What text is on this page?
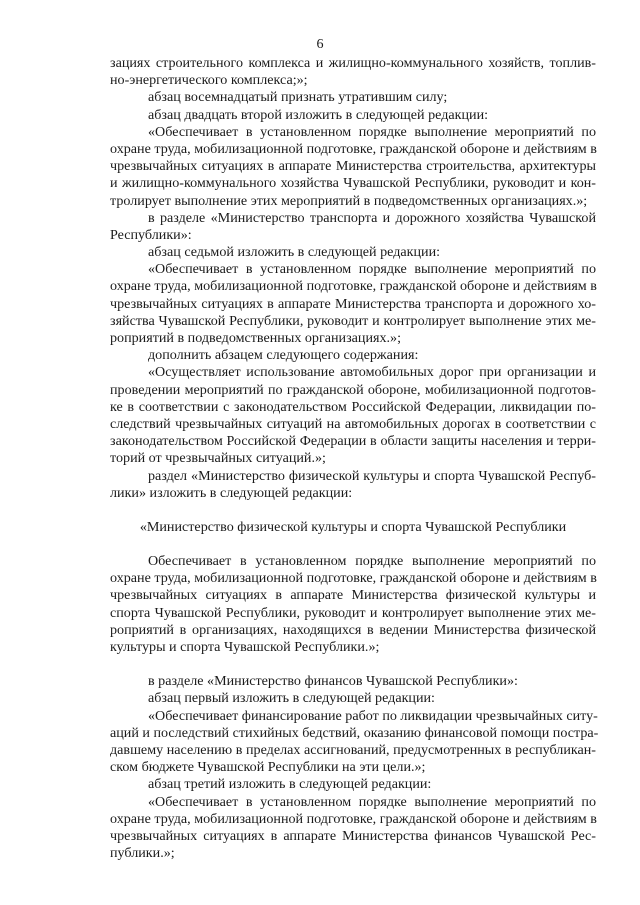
6
зациях строительного комплекса и жилищно-коммунального хозяйств, топлив-
но-энергетического комплекса;»;
абзац восемнадцатый признать утратившим силу;
абзац двадцать второй изложить в следующей редакции:
«Обеспечивает в установленном порядке выполнение мероприятий по
охране труда, мобилизационной подготовке, гражданской обороне и действиям в
чрезвычайных ситуациях в аппарате Министерства строительства, архитектуры
и жилищно-коммунального хозяйства Чувашской Республики, руководит и кон-
тролирует выполнение этих мероприятий в подведомственных организациях.»;
в разделе «Министерство транспорта и дорожного хозяйства Чувашской
Республики»:
абзац седьмой изложить в следующей редакции:
«Обеспечивает в установленном порядке выполнение мероприятий по
охране труда, мобилизационной подготовке, гражданской обороне и действиям в
чрезвычайных ситуациях в аппарате Министерства транспорта и дорожного хо-
зяйства Чувашской Республики, руководит и контролирует выполнение этих ме-
роприятий в подведомственных организациях.»;
дополнить абзацем следующего содержания:
«Осуществляет использование автомобильных дорог при организации и
проведении мероприятий по гражданской обороне, мобилизационной подготов-
ке в соответствии с законодательством Российской Федерации, ликвидации по-
следствий чрезвычайных ситуаций на автомобильных дорогах в соответствии с
законодательством Российской Федерации в области защиты населения и терри-
торий от чрезвычайных ситуаций.»;
раздел «Министерство физической культуры и спорта Чувашской Респуб-
лики» изложить в следующей редакции:
«Министерство физической культуры и спорта Чувашской Республики
Обеспечивает в установленном порядке выполнение мероприятий по
охране труда, мобилизационной подготовке, гражданской обороне и действиям в
чрезвычайных ситуациях в аппарате Министерства физической культуры и
спорта Чувашской Республики, руководит и контролирует выполнение этих ме-
роприятий в организациях, находящихся в ведении Министерства физической
культуры и спорта Чувашской Республики.»;
в разделе «Министерство финансов Чувашской Республики»:
абзац первый изложить в следующей редакции:
«Обеспечивает финансирование работ по ликвидации чрезвычайных ситу-
аций и последствий стихийных бедствий, оказанию финансовой помощи постра-
давшему населению в пределах ассигнований, предусмотренных в республикан-
ском бюджете Чувашской Республики на эти цели.»;
абзац третий изложить в следующей редакции:
«Обеспечивает в установленном порядке выполнение мероприятий по
охране труда, мобилизационной подготовке, гражданской обороне и действиям в
чрезвычайных ситуациях в аппарате Министерства финансов Чувашской Рес-
публики.»;
